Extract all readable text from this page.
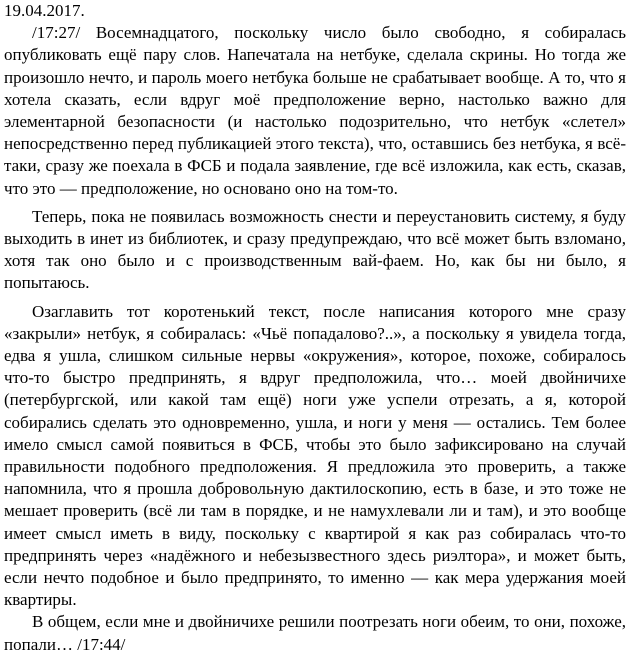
19.04.2017.

/17:27/ Восемнадцатого, поскольку число было свободно, я собиралась опубликовать ещё пару слов. Напечатала на нетбуке, сделала скрины. Но тогда же произошло нечто, и пароль моего нетбука больше не срабатывает вообще. А то, что я хотела сказать, если вдруг моё предположение верно, настолько важно для элементарной безопасности (и настолько подозрительно, что нетбук «слетел» непосредственно перед публикацией этого текста), что, оставшись без нетбука, я всё-таки, сразу же поехала в ФСБ и подала заявление, где всё изложила, как есть, сказав, что это — предположение, но основано оно на том-то.

Теперь, пока не появилась возможность снести и переустановить систему, я буду выходить в инет из библиотек, и сразу предупреждаю, что всё может быть взломано, хотя так оно было и с производственным вай-фаем. Но, как бы ни было, я попытаюсь.

Озаглавить тот коротенький текст, после написания которого мне сразу «закрыли» нетбук, я собиралась: «Чьё попадалово?..», а поскольку я увидела тогда, едва я ушла, слишком сильные нервы «окружения», которое, похоже, собиралось что-то быстро предпринять, я вдруг предположила, что… моей двойничихе (петербургской, или какой там ещё) ноги уже успели отрезать, а я, которой собирались сделать это одновременно, ушла, и ноги у меня — остались. Тем более имело смысл самой появиться в ФСБ, чтобы это было зафиксировано на случай правильности подобного предположения. Я предложила это проверить, а также напомнила, что я прошла добровольную дактилоскопию, есть в базе, и это тоже не мешает проверить (всё ли там в порядке, и не намухлевали ли и там), и это вообще имеет смысл иметь в виду, поскольку с квартирой я как раз собиралась что-то предпринять через «надёжного и небезызвестного здесь риэлтора», и может быть, если нечто подобное и было предпринято, то именно — как мера удержания моей квартиры.

В общем, если мне и двойничихе решили поотрезать ноги обеим, то они, похоже, попали… /17:44/
